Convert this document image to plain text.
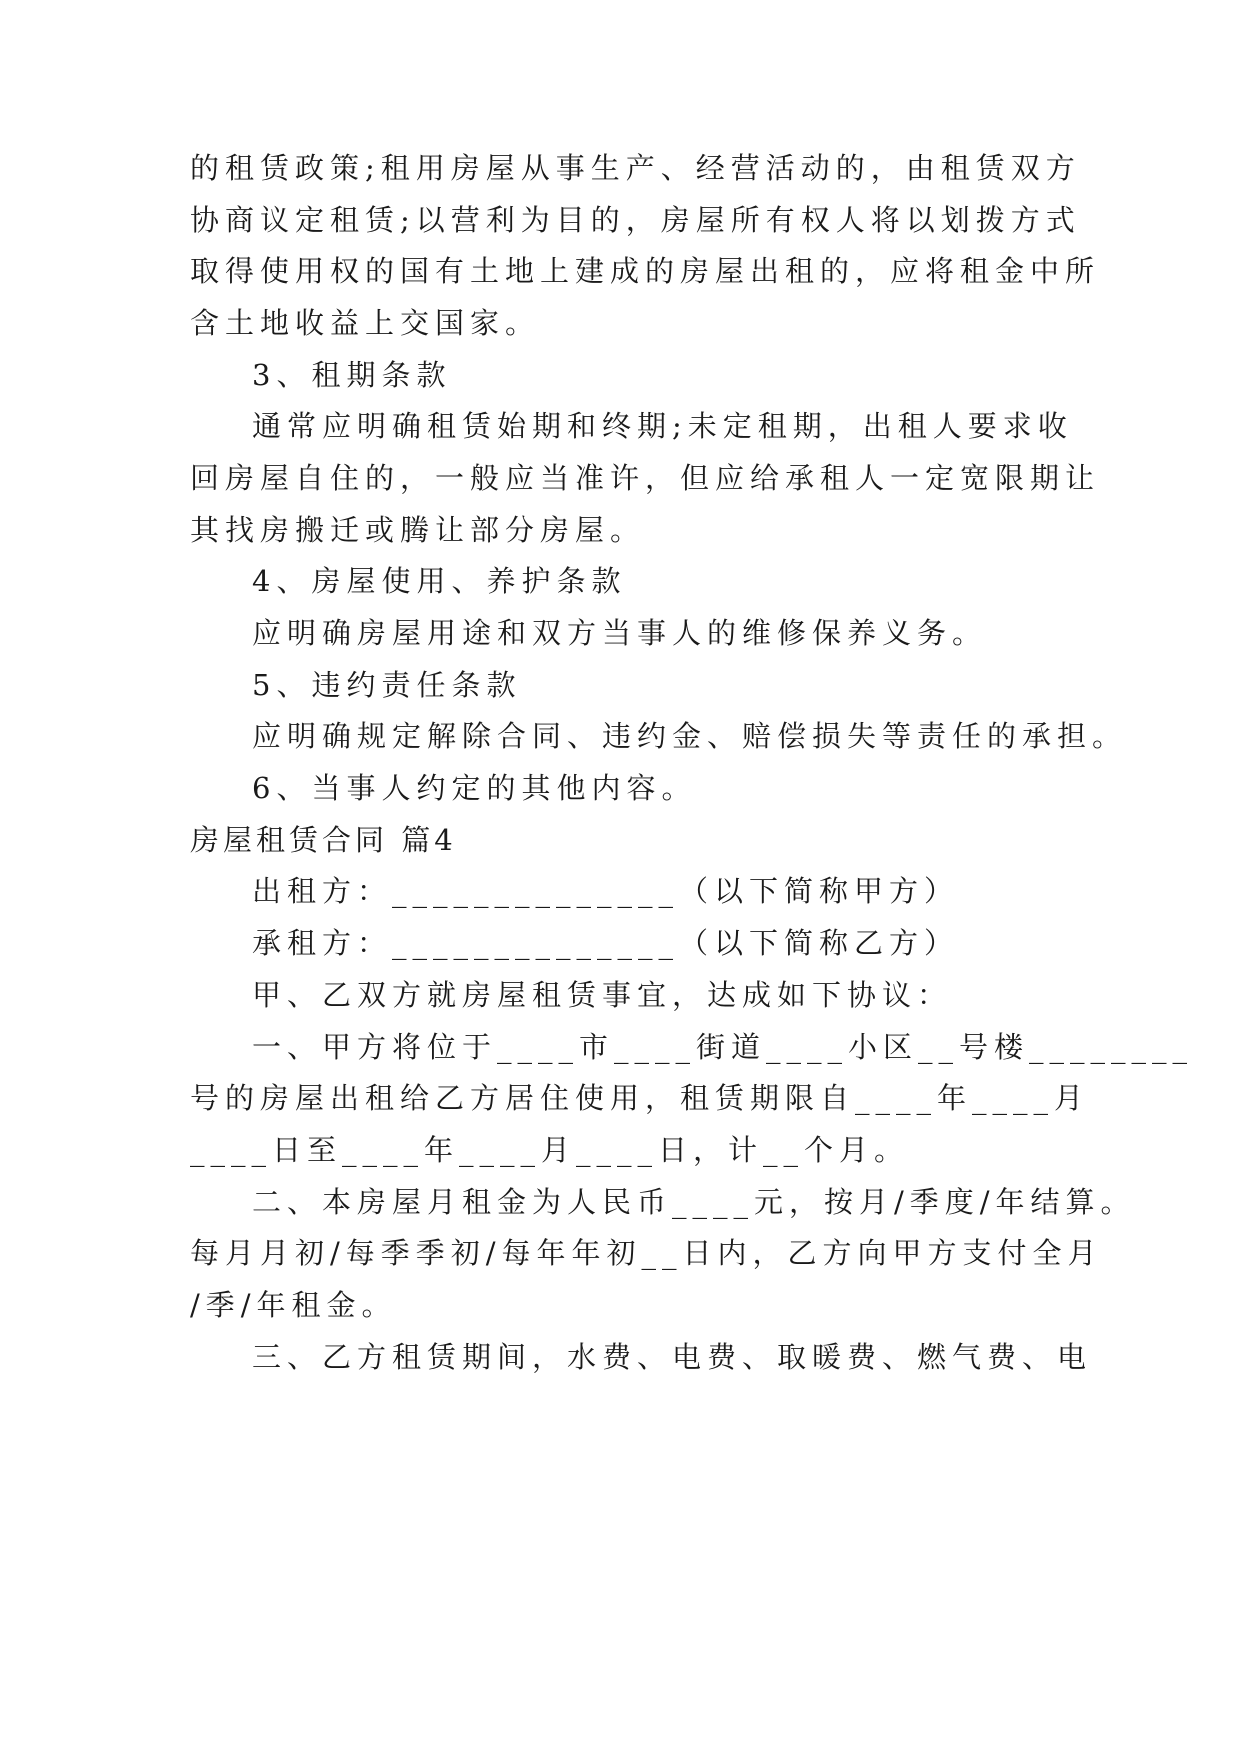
的租赁政策;租用房屋从事生产、经营活动的，由租赁双方
协商议定租赁;以营利为目的，房屋所有权人将以划拨方式
取得使用权的国有土地上建成的房屋出租的，应将租金中所
含土地收益上交国家。
3、租期条款
通常应明确租赁始期和终期;未定租期，出租人要求收
回房屋自住的，一般应当准许，但应给承租人一定宽限期让
其找房搬迁或腾让部分房屋。
4、房屋使用、养护条款
应明确房屋用途和双方当事人的维修保养义务。
5、违约责任条款
应明确规定解除合同、违约金、赔偿损失等责任的承担。
6、当事人约定的其他内容。
房屋租赁合同 篇4
出租方：______________（以下简称甲方）
承租方：______________（以下简称乙方）
甲、乙双方就房屋租赁事宜，达成如下协议：
一、甲方将位于____市____街道____小区__号楼________
号的房屋出租给乙方居住使用，租赁期限自____年____月
____日至____年____月____日，计__个月。
二、本房屋月租金为人民币____元，按月/季度/年结算。
每月月初/每季季初/每年年初__日内，乙方向甲方支付全月
/季/年租金。
三、乙方租赁期间，水费、电费、取暖费、燃气费、电
